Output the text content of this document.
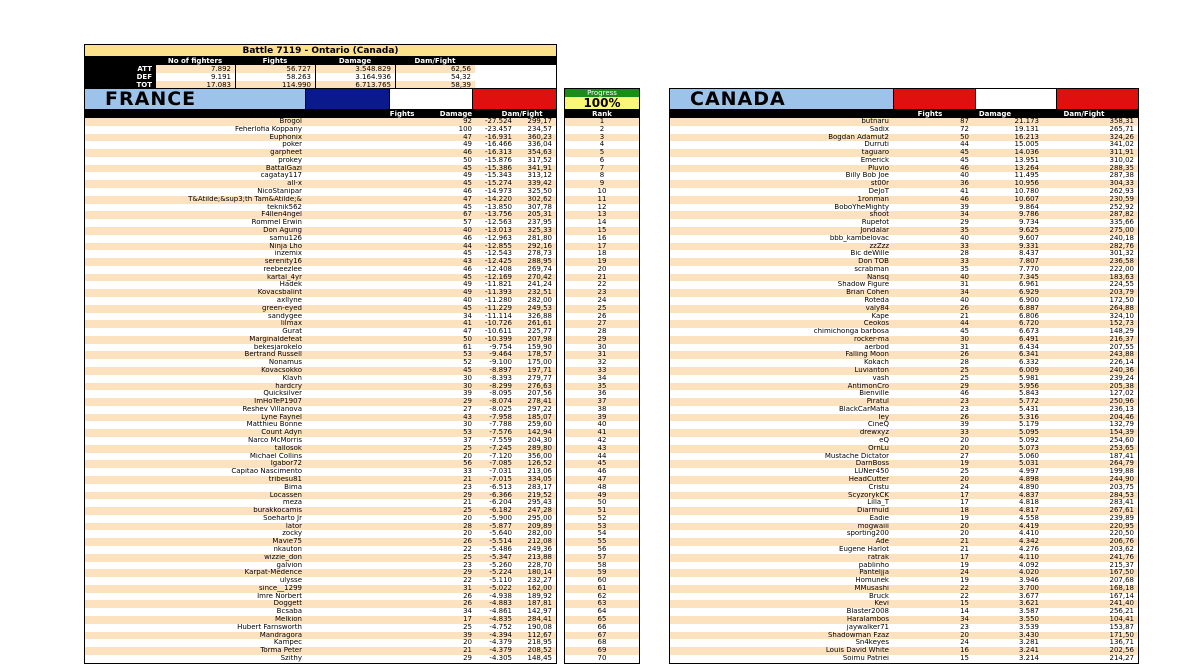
Battle 7119 - Ontario (Canada)
No of fighters	Fights	Damage	Dam/Fight
ATT	7.892	56.727	3.548.829	62,56
DEF	9.191	58.263	3.164.936	54,32
TOT	17.083	114.990	6.713.765	58,39
FRANCE
Fights	Damage	Dam/Fight
Brogol	92	-27.524	299,17
Feherlofia Koppany	100	-23.457	234,57
Euphonix	47	-16.931	360,23
poker	49	-16.466	336,04
garpheet	46	-16.313	354,63
prokey	50	-15.876	317,52
BattalGazi	45	-15.386	341,91
cagatay117	49	-15.343	313,12
all-x	45	-15.274	339,42
NicoStanipar	46	-14.973	325,50
T&Atilde;&sup3;th Tam&Atilde;&	47	-14.220	302,62
teknik562	45	-13.850	307,78
F4llen4ngel	67	-13.756	205,31
Rommel Erwin	57	-12.563	237,95
Don Agung	40	-13.013	325,33
samu126	46	-12.963	281,80
Ninja Lho	44	-12.855	292,16
inzemix	45	-12.543	278,73
serenity16	43	-12.425	288,95
reebeezlee	46	-12.408	269,74
kartal_4yr	45	-12.169	270,42
Hadek	49	-11.821	241,24
Kovacsbalint	49	-11.393	232,51
axllyne	40	-11.280	282,00
green-eyed	45	-11.229	249,53
sandygee	34	-11.114	326,88
lilmax	41	-10.726	261,61
Gurat	47	-10.611	225,77
Marginaldefeat	50	-10.399	207,98
bekesjarokelo	61	-9.754	159,90
Bertrand Russell	53	-9.464	178,57
Nonamus	52	-9.100	175,00
Kovacsokko	45	-8.897	197,71
Klavh	30	-8.393	279,77
hardcry	30	-8.299	276,63
Quicksilver	39	-8.095	207,56
ImHoTeP1907	29	-8.074	278,41
Reshev Villanova	27	-8.025	297,22
Lyne Faynel	43	-7.958	185,07
Matthieu Bonne	30	-7.788	259,60
Count Adyn	53	-7.576	142,94
Narco McMorris	37	-7.559	204,30
tallosok	25	-7.245	289,80
Michael Collins	20	-7.120	356,00
Igabor72	56	-7.085	126,52
Capitao Nascimento	33	-7.031	213,06
tribesu81	21	-7.015	334,05
Bima	23	-6.513	283,17
Locassen	29	-6.366	219,52
meza	21	-6.204	295,43
burakkocamis	25	-6.182	247,28
Soeharto Jr	20	-5.900	295,00
lator	28	-5.877	209,89
zocky	20	-5.640	282,00
Mavie75	26	-5.514	212,08
nkauton	22	-5.486	249,36
wizzie_don	25	-5.347	213,88
galvion	23	-5.260	228,70
Karpat-Medence	29	-5.224	180,14
ulysse	22	-5.110	232,27
since__1299	31	-5.022	162,00
Imre Norbert	26	-4.938	189,92
Doggett	26	-4.883	187,81
Bcsaba	34	-4.861	142,97
Melkion	17	-4.835	284,41
Hubert Farnsworth	25	-4.752	190,08
Mandragora	39	-4.394	112,67
Kampec	20	-4.379	218,95
Torma Peter	21	-4.379	208,52
Szithy	29	-4.305	148,45
Progress
100%
Rank
1
2
3
4
5
6
7
8
9
10
11
12
13
14
15
16
17
18
19
20
21
22
23
24
25
26
27
28
29
30
31
32
33
34
35
36
37
38
39
40
41
42
43
44
45
46
47
48
49
50
51
52
53
54
55
56
57
58
59
60
61
62
63
64
65
66
67
68
69
70
CANADA
Fights	Damage	Dam/Fight
butnaru	87	21.173	358,31
Sadix	72	19.131	265,71
Bogdan Adamut2	50	16.213	324,26
Durruti	44	15.005	341,02
taguaro	45	14.036	311,91
Emerick	45	13.951	310,02
Pluvio	46	13.264	288,35
Billy Bob Joe	40	11.495	287,38
st00r	36	10.956	304,33
DeJoT	41	10.780	262,93
1ronman	46	10.607	230,59
BoboYheMighty	39	9.864	252,92
shoot	34	9.786	287,82
Rupefot	29	9.734	335,66
Jondalar	35	9.625	275,00
bbb_kambelovac	40	9.607	240,18
zzZzz	33	9.331	282,76
Bic deWille	28	8.437	301,32
Don TOB	33	7.807	236,58
scrabman	35	7.770	222,00
Nansq	40	7.345	183,63
Shadow Figure	31	6.961	224,55
Brian Cohen	34	6.929	203,79
Roteda	40	6.900	172,50
valy84	26	6.887	264,88
Kape	21	6.806	324,10
Ceokos	44	6.720	152,73
chimichonga barbosa	45	6.673	148,29
rocker-ma	30	6.491	216,37
aerbod	31	6.434	207,55
Falling Moon	26	6.341	243,88
Kokach	28	6.332	226,14
Luvianton	25	6.009	240,36
vash	25	5.981	239,24
AntimonCro	29	5.956	205,38
Bienville	46	5.843	127,02
Piratul	23	5.772	250,96
BlackCarMafia	23	5.431	236,13
Iey	26	5.316	204,46
CineQ	39	5.179	132,79
drewxyz	33	5.095	154,39
eQ	20	5.092	254,60
OrnLu	20	5.073	253,65
Mustache Dictator	27	5.060	187,41
DarnBoss	19	5.031	264,79
LUNer450	25	4.997	199,88
HeadCutter	20	4.898	244,90
Cristu	24	4.890	203,75
ScyzorykCK	17	4.837	284,53
Lilla_T	17	4.818	283,41
Diarmuid	18	4.817	267,61
Eadie	19	4.558	239,89
mogwaiii	20	4.419	220,95
sporting200	20	4.410	220,50
Ade	21	4.342	206,76
Eugene Harlot	21	4.276	203,62
ratrak	17	4.110	241,76
pablinho	19	4.092	215,37
Panteljja	24	4.020	167,50
Homunek	19	3.946	207,68
MMusashi	22	3.700	168,18
Bruck	22	3.677	167,14
Kevi	15	3.621	241,40
Blaster2008	14	3.587	256,21
Haralambos	34	3.550	104,41
jaywalker71	23	3.539	153,87
Shadowman Fzaz	20	3.430	171,50
Sn4keyes	24	3.281	136,71
Louis David White	16	3.241	202,56
Soimu Patriei	15	3.214	214,27
